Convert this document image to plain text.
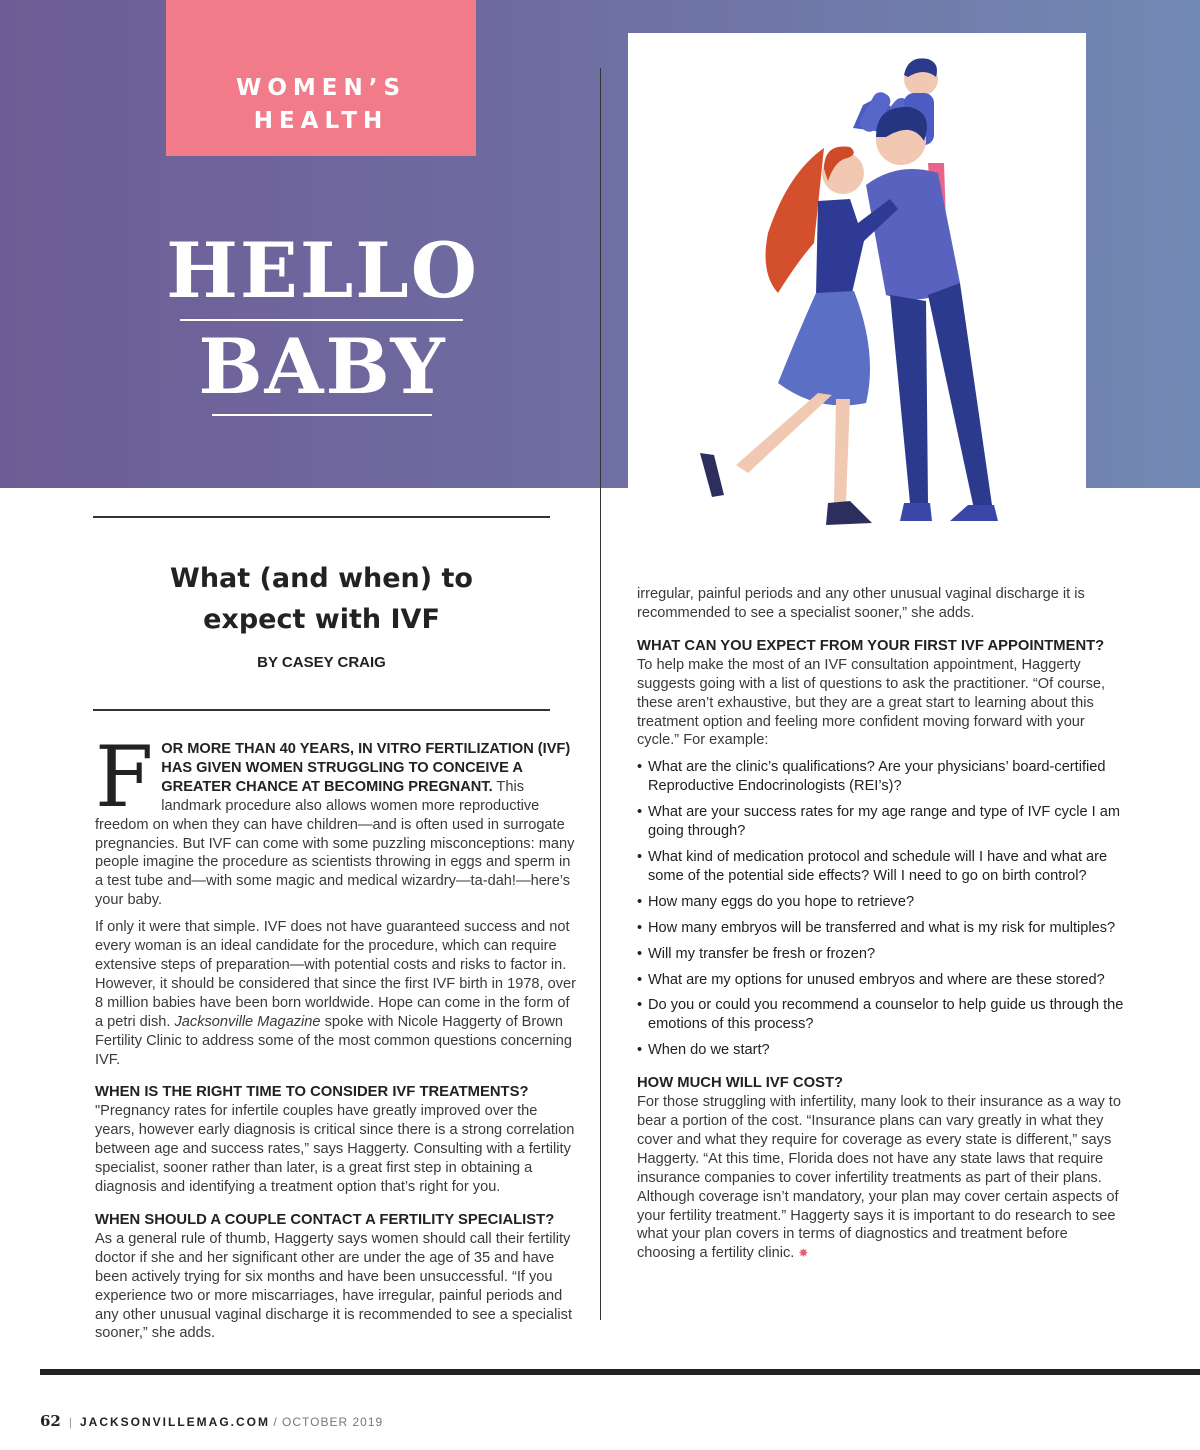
WOMEN’S
HEALTH
HELLO
BABY
What (and when) to
expect with IVF
BY CASEY CRAIG

FOR MORE THAN 40 YEARS, IN VITRO FERTILIZATION (IVF) HAS GIVEN WOMEN STRUGGLING TO CONCEIVE A GREATER CHANCE AT BECOMING PREGNANT. This landmark procedure also allows women more reproductive freedom on when they can have children—and is often used in surrogate pregnancies. But IVF can come with some puzzling misconceptions: many people imagine the procedure as scientists throwing in eggs and sperm in a test tube and—with some magic and medical wizardry—ta-dah!—here’s your baby.

If only it were that simple. IVF does not have guaranteed success and not every woman is an ideal candidate for the procedure, which can require extensive steps of preparation—with potential costs and risks to factor in. However, it should be considered that since the first IVF birth in 1978, over 8 million babies have been born worldwide. Hope can come in the form of a petri dish. Jacksonville Magazine spoke with Nicole Haggerty of Brown Fertility Clinic to address some of the most common questions concerning IVF.

WHEN IS THE RIGHT TIME TO CONSIDER IVF TREATMENTS?

"Pregnancy rates for infertile couples have greatly improved over the years, however early diagnosis is critical since there is a strong correlation between age and success rates,” says Haggerty. Consulting with a fertility specialist, sooner rather than later, is a great first step in obtaining a diagnosis and identifying a treatment option that’s right for you.

WHEN SHOULD A COUPLE CONTACT A FERTILITY SPECIALIST?

As a general rule of thumb, Haggerty says women should call their fertility doctor if she and her significant other are under the age of 35 and have been actively trying for six months and have been unsuccessful. “If you experience two or more miscarriages, have irregular, painful periods and any other unusual vaginal discharge it is recommended to see a specialist sooner,” she adds.

irregular, painful periods and any other unusual vaginal discharge it is recommended to see a specialist sooner,” she adds.

WHAT CAN YOU EXPECT FROM YOUR FIRST IVF APPOINTMENT?

To help make the most of an IVF consultation appointment, Haggerty suggests going with a list of questions to ask the practitioner. “Of course, these aren’t exhaustive, but they are a great start to learning about this treatment option and feeling more confident moving forward with your cycle.” For example:

• What are the clinic’s qualifications? Are your physicians’ board-certified Reproductive Endocrinologists (REI’s)?
• What are your success rates for my age range and type of IVF cycle I am going through?
• What kind of medication protocol and schedule will I have and what are some of the potential side effects? Will I need to go on birth control?
• How many eggs do you hope to retrieve?
• How many embryos will be transferred and what is my risk for multiples?
• Will my transfer be fresh or frozen?
• What are my options for unused embryos and where are these stored?
• Do you or could you recommend a counselor to help guide us through the emotions of this process?
• When do we start?
HOW MUCH WILL IVF COST?

For those struggling with infertility, many look to their insurance as a way to bear a portion of the cost. “Insurance plans can vary greatly in what they cover and what they require for coverage as every state is different,” says Haggerty. “At this time, Florida does not have any state laws that require insurance companies to cover infertility treatments as part of their plans. Although coverage isn’t mandatory, your plan may cover certain aspects of your fertility treatment.” Haggerty says it is important to do research to see what your plan covers in terms of diagnostics and treatment before choosing a fertility clinic. ✸

62 | JACKSONVILLEMAG.COM / OCTOBER 2019
